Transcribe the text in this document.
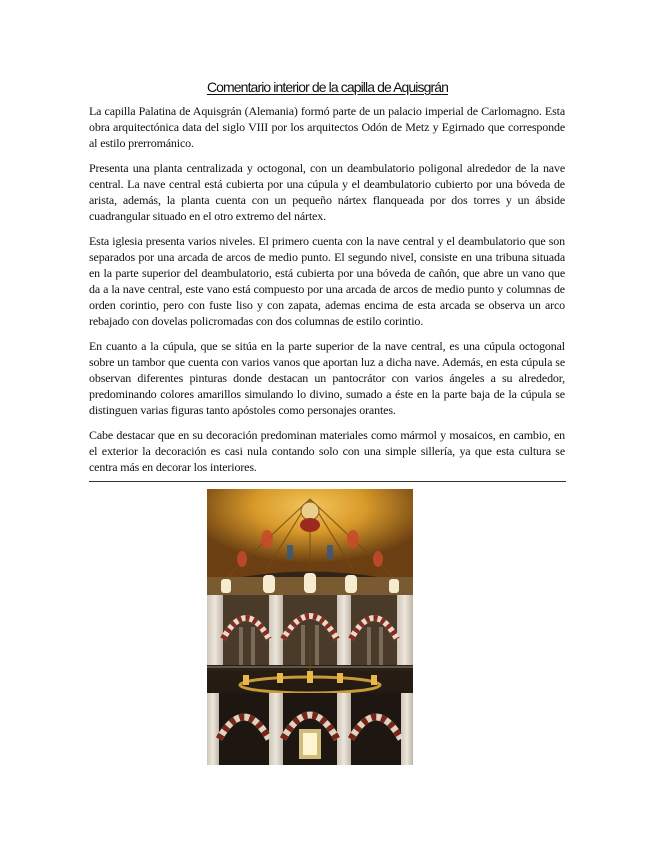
Comentario interior de la capilla de Aquisgrán

La capilla Palatina de Aquisgrán (Alemania) formó parte de un palacio imperial de Carlomagno. Esta obra arquitectónica data del siglo VIII por los arquitectos Odón de Metz y Egirnado que corresponde al estilo prerrománico.

Presenta una planta centralizada y octogonal, con un deambulatorio poligonal alrededor de la nave central. La nave central está cubierta por una cúpula y el deambulatorio cubierto por una bóveda de arista, además, la planta cuenta con un pequeño nártex flanqueada por dos torres y un ábside cuadrangular situado en el otro extremo del nártex.

Esta iglesia presenta varios niveles. El primero cuenta con la nave central y el deambulatorio que son separados por una arcada de arcos de medio punto. El segundo nivel, consiste en una tribuna situada en la parte superior del deambulatorio, está cubierta por una bóveda de cañón, que abre un vano que da a la nave central, este vano está compuesto por una arcada de arcos de medio punto y columnas de orden corintio, pero con fuste liso y con zapata, ademas encima de esta arcada se observa un arco rebajado con dovelas policromadas con dos columnas de estilo corintio.

En cuanto a la cúpula, que se sitúa en la parte superior de la nave central, es una cúpula octogonal sobre un tambor que cuenta con varios vanos que aportan luz a dicha nave. Además, en esta cúpula se observan diferentes pinturas donde destacan un pantocrátor con varios ángeles a su alrededor, predominando colores amarillos simulando lo divino, sumado a éste en la parte baja de la cúpula se distinguen varias figuras tanto apóstoles como personajes orantes.

Cabe destacar que en su decoración predominan materiales como mármol y mosaicos, en cambio, en el exterior la decoración es casi nula contando solo con una simple sillería, ya que esta cultura se centra más en decorar los interiores.
